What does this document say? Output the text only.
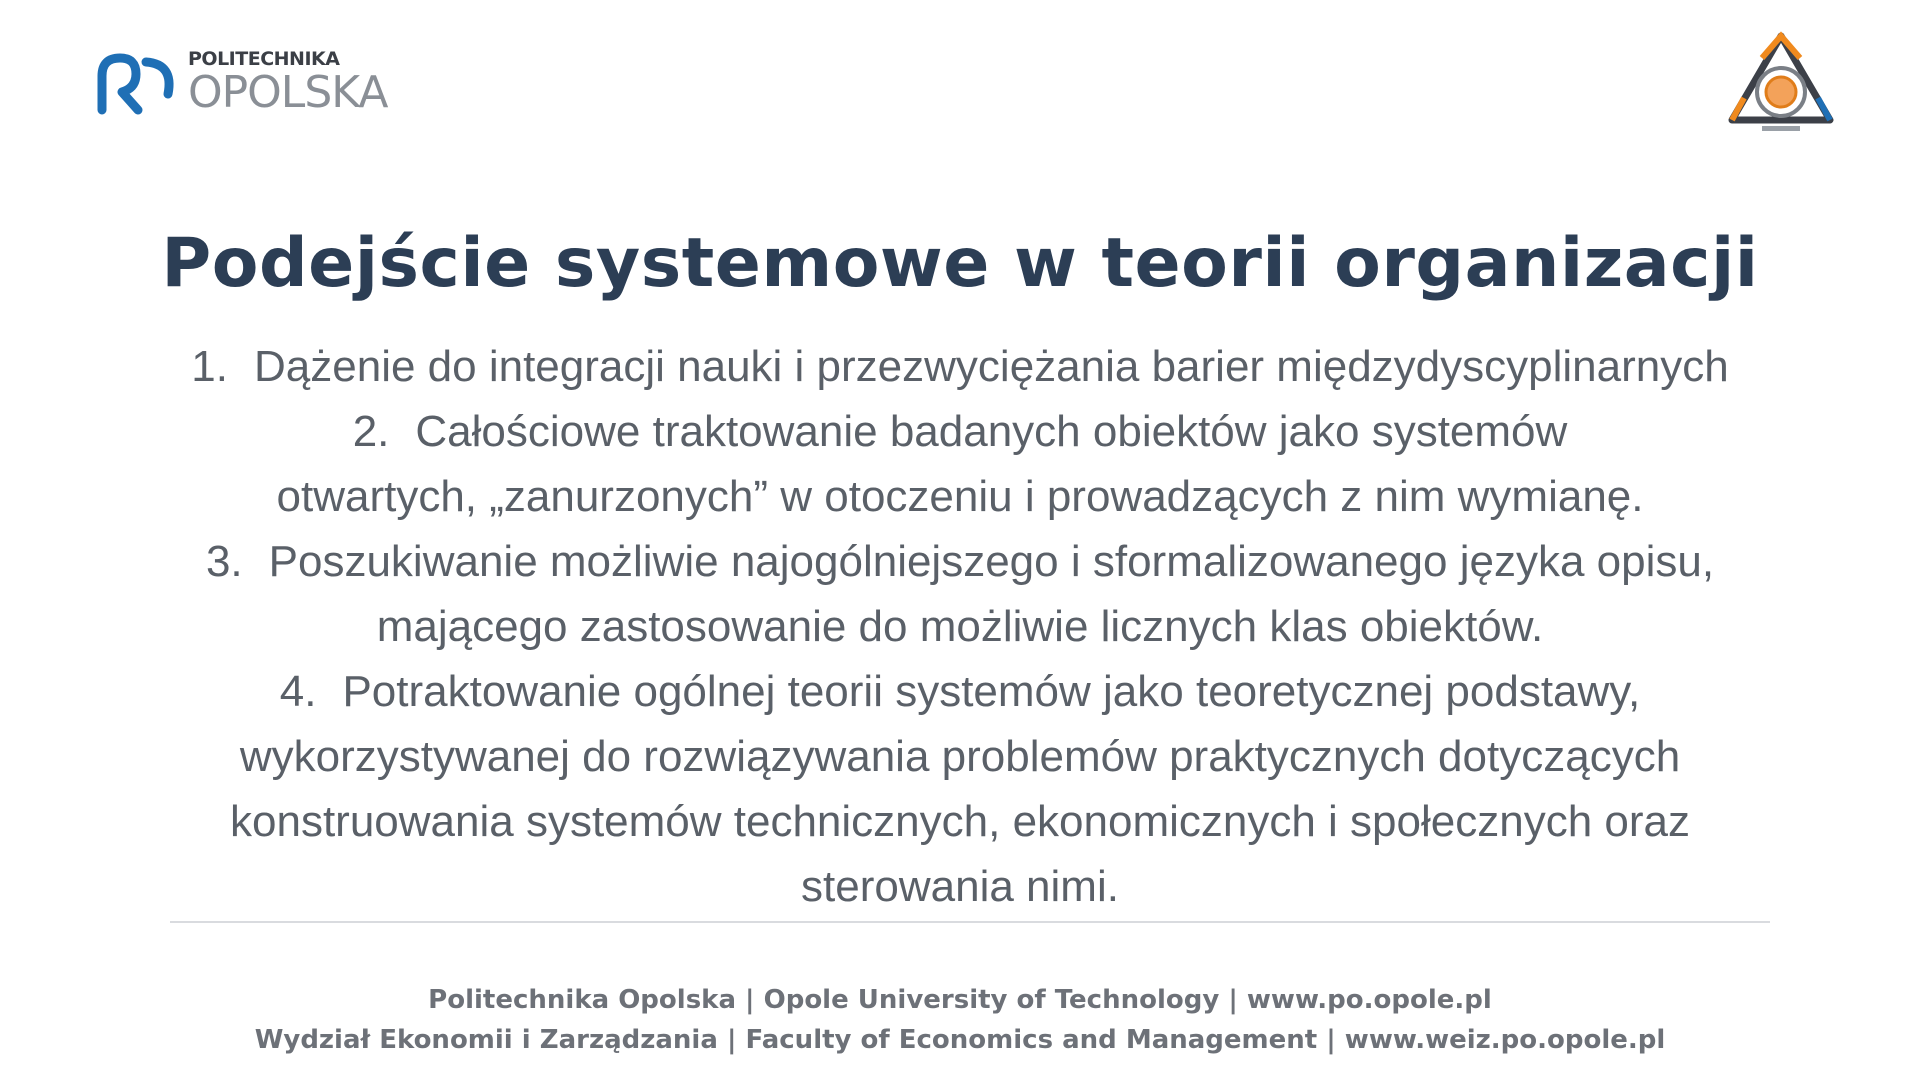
POLITECHNIKA
OPOLSKA
Podejście systemowe w teorii organizacji

1. Dążenie do integracji nauki i przezwyciężania barier międzydyscyplinarnych

2. Całościowe traktowanie badanych obiektów jako systemów otwartych, „zanurzonych” w otoczeniu i prowadzących z nim wymianę.

3. Poszukiwanie możliwie najogólniejszego i sformalizowanego języka opisu, mającego zastosowanie do możliwie licznych klas obiektów.

4. Potraktowanie ogólnej teorii systemów jako teoretycznej podstawy, wykorzystywanej do rozwiązywania problemów praktycznych dotyczących konstruowania systemów technicznych, ekonomicznych i społecznych oraz sterowania nimi.

Politechnika Opolska | Opole University of Technology | www.po.opole.pl
Wydział Ekonomii i Zarządzania | Faculty of Economics and Management | www.weiz.po.opole.pl
